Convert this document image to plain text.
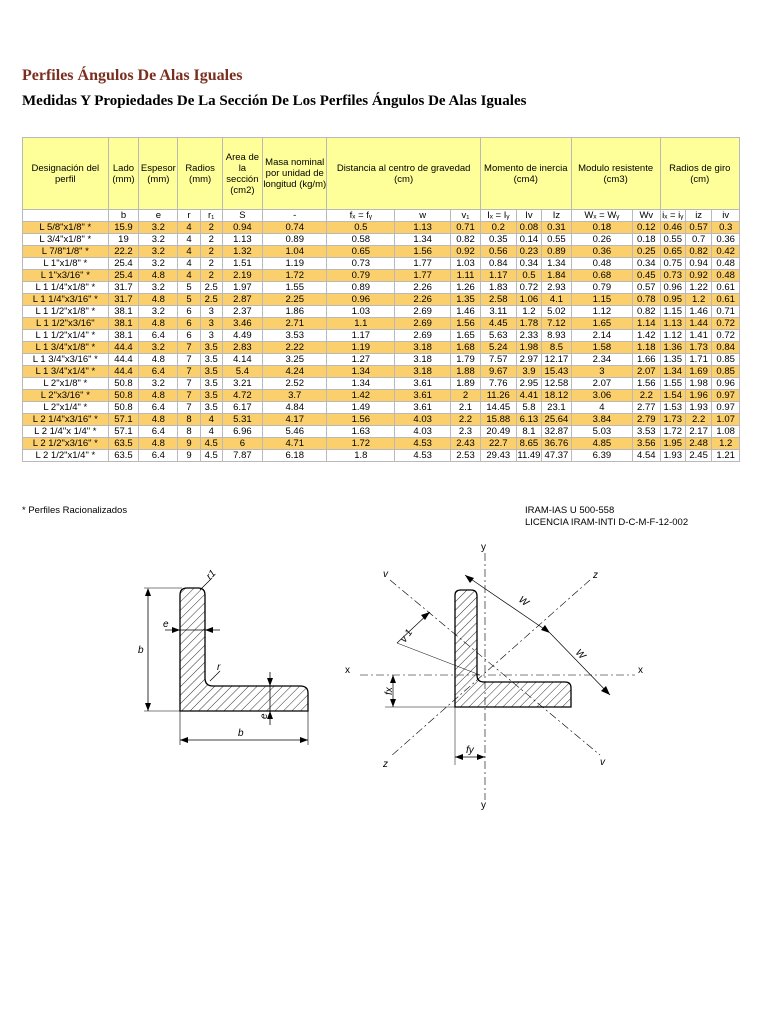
Perfiles Ángulos De Alas Iguales
Medidas Y Propiedades De La Sección De Los Perfiles Ángulos De Alas Iguales
Designación del perfil	Lado (mm)	Espesor (mm)	Radios (mm)		Area de la sección (cm2)	Masa nominal por unidad de longitud (kg/m)	Distancia al centro de gravedad (cm)			Momento de inercia (cm4)			Modulo resistente (cm3)		Radios de giro (cm)		
	b	e	r	r₁	S	-	fₓ = fᵧ	w	v₁	Iₓ = Iᵧ	Iv	Iz	Wₓ = Wᵧ	Wv	iₓ = iᵧ	iz	iv
L 5/8"x1/8" *	15.9	3.2	4	2	0.94	0.74	0.5	1.13	0.71	0.2	0.08	0.31	0.18	0.12	0.46	0.57	0.3
L 3/4"x1/8" *	19	3.2	4	2	1.13	0.89	0.58	1.34	0.82	0.35	0.14	0.55	0.26	0.18	0.55	0.7	0.36
L 7/8"1/8" *	22.2	3.2	4	2	1.32	1.04	0.65	1.56	0.92	0.56	0.23	0.89	0.36	0.25	0.65	0.82	0.42
L 1"x1/8" *	25.4	3.2	4	2	1.51	1.19	0.73	1.77	1.03	0.84	0.34	1.34	0.48	0.34	0.75	0.94	0.48
L 1"x3/16" *	25.4	4.8	4	2	2.19	1.72	0.79	1.77	1.11	1.17	0.5	1.84	0.68	0.45	0.73	0.92	0.48
L 1 1/4"x1/8" *	31.7	3.2	5	2.5	1.97	1.55	0.89	2.26	1.26	1.83	0.72	2.93	0.79	0.57	0.96	1.22	0.61
L 1 1/4"x3/16" *	31.7	4.8	5	2.5	2.87	2.25	0.96	2.26	1.35	2.58	1.06	4.1	1.15	0.78	0.95	1.2	0.61
L 1 1/2"x1/8" *	38.1	3.2	6	3	2.37	1.86	1.03	2.69	1.46	3.11	1.2	5.02	1.12	0.82	1.15	1.46	0.71
L 1 1/2"x3/16"	38.1	4.8	6	3	3.46	2.71	1.1	2.69	1.56	4.45	1.78	7.12	1.65	1.14	1.13	1.44	0.72
L 1 1/2"x1/4" *	38.1	6.4	6	3	4.49	3.53	1.17	2.69	1.65	5.63	2.33	8.93	2.14	1.42	1.12	1.41	0.72
L 1 3/4"x1/8" *	44.4	3.2	7	3.5	2.83	2.22	1.19	3.18	1.68	5.24	1.98	8.5	1.58	1.18	1.36	1.73	0.84
L 1 3/4"x3/16" *	44.4	4.8	7	3.5	4.14	3.25	1.27	3.18	1.79	7.57	2.97	12.17	2.34	1.66	1.35	1.71	0.85
L 1 3/4"x1/4" *	44.4	6.4	7	3.5	5.4	4.24	1.34	3.18	1.88	9.67	3.9	15.43	3	2.07	1.34	1.69	0.85
L 2"x1/8" *	50.8	3.2	7	3.5	3.21	2.52	1.34	3.61	1.89	7.76	2.95	12.58	2.07	1.56	1.55	1.98	0.96
L 2"x3/16" *	50.8	4.8	7	3.5	4.72	3.7	1.42	3.61	2	11.26	4.41	18.12	3.06	2.2	1.54	1.96	0.97
L 2"x1/4" *	50.8	6.4	7	3.5	6.17	4.84	1.49	3.61	2.1	14.45	5.8	23.1	4	2.77	1.53	1.93	0.97
L 2 1/4"x3/16" *	57.1	4.8	8	4	5.31	4.17	1.56	4.03	2.2	15.88	6.13	25.64	3.84	2.79	1.73	2.2	1.07
L 2 1/4"x 1/4" *	57.1	6.4	8	4	6.96	5.46	1.63	4.03	2.3	20.49	8.1	32.87	5.03	3.53	1.72	2.17	1.08
L 2 1/2"x3/16" *	63.5	4.8	9	4.5	6	4.71	1.72	4.53	2.43	22.7	8.65	36.76	4.85	3.56	1.95	2.48	1.2
L 2 1/2"x1/4" *	63.5	6.4	9	4.5	7.87	6.18	1.8	4.53	2.53	29.43	11.49	47.37	6.39	4.54	1.93	2.45	1.21
* Perfiles Racionalizados	IRAM-IAS U 500-558
LICENCIA IRAM-INTI D-C-M-F-12-002
b
b
e
e
r1
r
y
y
x	x
v
v
z
z
W
W
v 1
fx
fy
